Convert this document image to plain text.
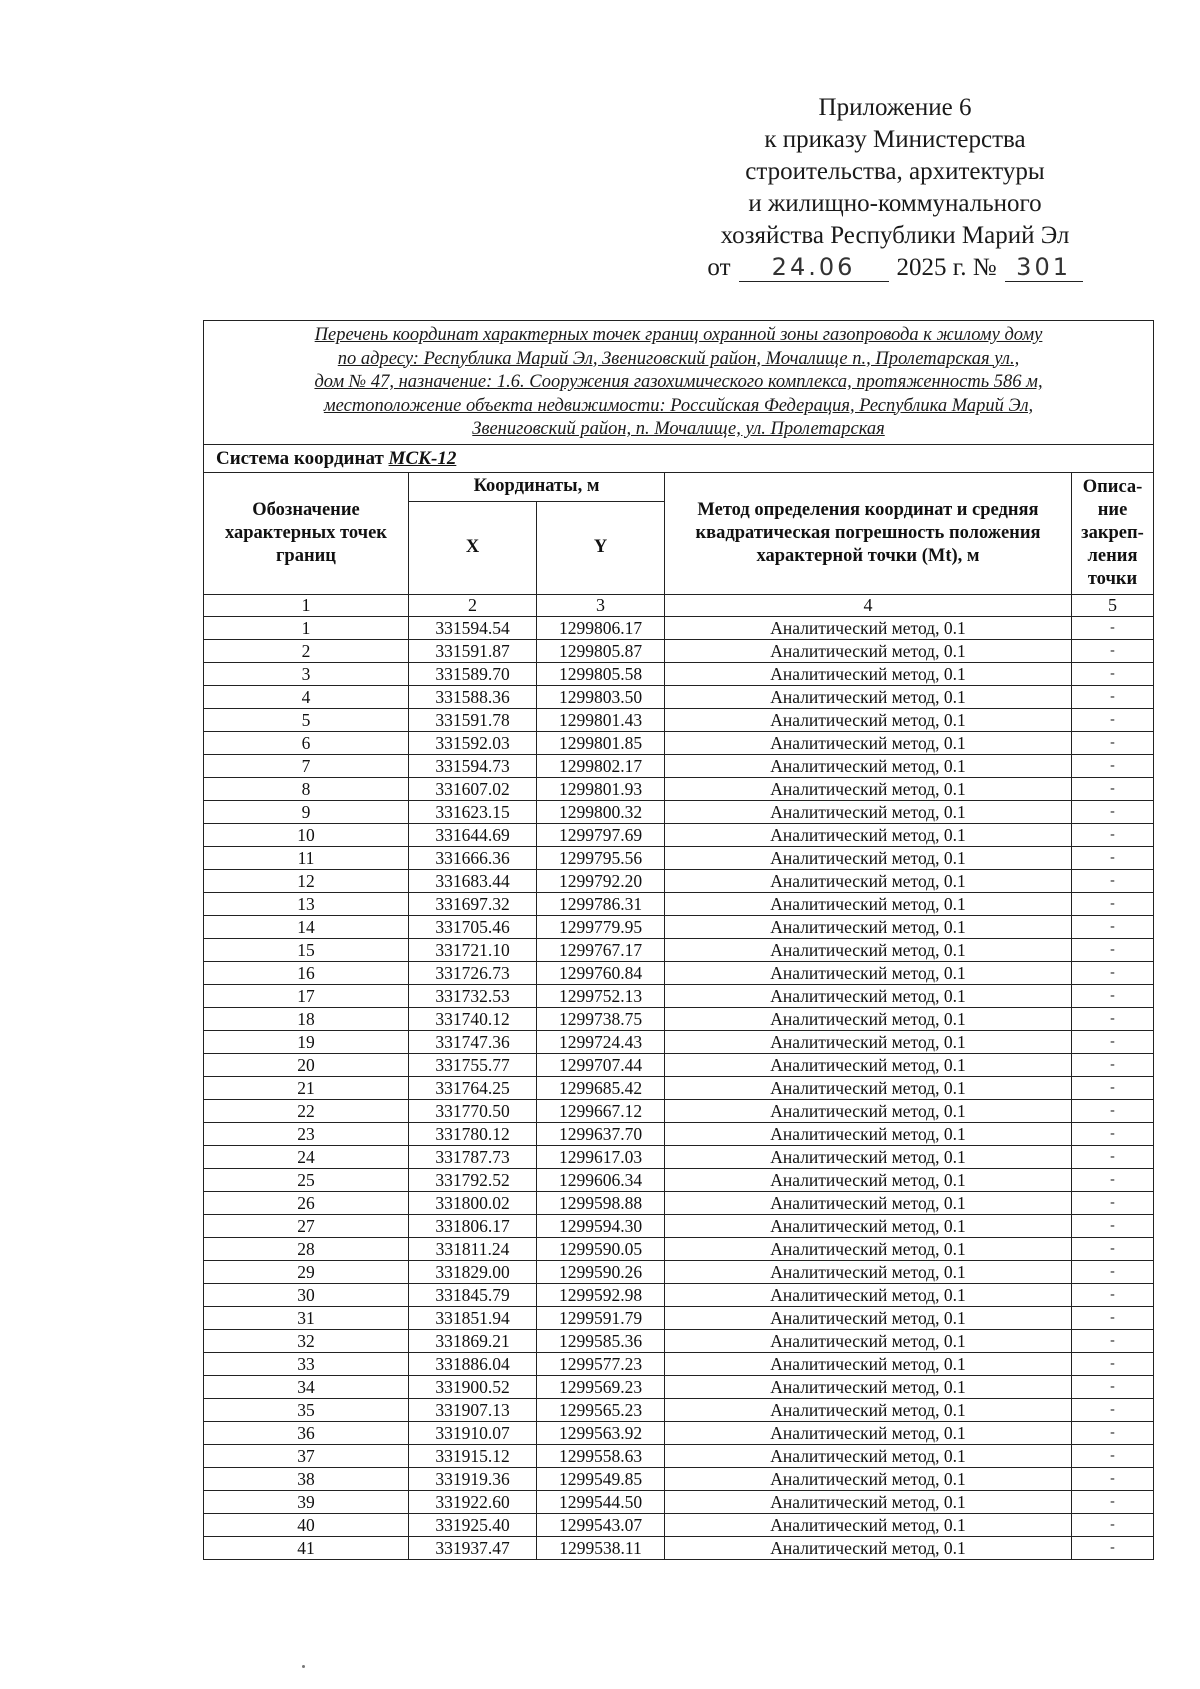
Приложение 6
к приказу Министерства
строительства, архитектуры
и жилищно-коммунального
хозяйства Республики Марий Эл
от	24.06	2025 г. № 301
Перечень координат характерных точек границ охранной зоны газопровода к жилому дому
по адресу: Республика Марий Эл, Звениговский район, Мочалище п., Пролетарская ул.,
дом № 47, назначение: 1.6. Сооружения газохимического комплекса, протяженность 586 м,
местоположение объекта недвижимости: Российская Федерация, Республика Марий Эл,
Звениговский район, п. Мочалище, ул. Пролетарская				

Система координат МСК-12				
Обозначение характерных точек границ	Координаты, м		Метод определения координат и средняя квадратическая погрешность положения характерной точки (Mt), м	Описа-ние закреп-ления точки
	X	Y		
1	2	3	4	5
1	331594.54	1299806.17	Аналитический метод, 0.1	-
2	331591.87	1299805.87	Аналитический метод, 0.1	-
3	331589.70	1299805.58	Аналитический метод, 0.1	-
4	331588.36	1299803.50	Аналитический метод, 0.1	-
5	331591.78	1299801.43	Аналитический метод, 0.1	-
6	331592.03	1299801.85	Аналитический метод, 0.1	-
7	331594.73	1299802.17	Аналитический метод, 0.1	-
8	331607.02	1299801.93	Аналитический метод, 0.1	-
9	331623.15	1299800.32	Аналитический метод, 0.1	-
10	331644.69	1299797.69	Аналитический метод, 0.1	-
11	331666.36	1299795.56	Аналитический метод, 0.1	-
12	331683.44	1299792.20	Аналитический метод, 0.1	-
13	331697.32	1299786.31	Аналитический метод, 0.1	-
14	331705.46	1299779.95	Аналитический метод, 0.1	-
15	331721.10	1299767.17	Аналитический метод, 0.1	-
16	331726.73	1299760.84	Аналитический метод, 0.1	-
17	331732.53	1299752.13	Аналитический метод, 0.1	-
18	331740.12	1299738.75	Аналитический метод, 0.1	-
19	331747.36	1299724.43	Аналитический метод, 0.1	-
20	331755.77	1299707.44	Аналитический метод, 0.1	-
21	331764.25	1299685.42	Аналитический метод, 0.1	-
22	331770.50	1299667.12	Аналитический метод, 0.1	-
23	331780.12	1299637.70	Аналитический метод, 0.1	-
24	331787.73	1299617.03	Аналитический метод, 0.1	-
25	331792.52	1299606.34	Аналитический метод, 0.1	-
26	331800.02	1299598.88	Аналитический метод, 0.1	-
27	331806.17	1299594.30	Аналитический метод, 0.1	-
28	331811.24	1299590.05	Аналитический метод, 0.1	-
29	331829.00	1299590.26	Аналитический метод, 0.1	-
30	331845.79	1299592.98	Аналитический метод, 0.1	-
31	331851.94	1299591.79	Аналитический метод, 0.1	-
32	331869.21	1299585.36	Аналитический метод, 0.1	-
33	331886.04	1299577.23	Аналитический метод, 0.1	-
34	331900.52	1299569.23	Аналитический метод, 0.1	-
35	331907.13	1299565.23	Аналитический метод, 0.1	-
36	331910.07	1299563.92	Аналитический метод, 0.1	-
37	331915.12	1299558.63	Аналитический метод, 0.1	-
38	331919.36	1299549.85	Аналитический метод, 0.1	-
39	331922.60	1299544.50	Аналитический метод, 0.1	-
40	331925.40	1299543.07	Аналитический метод, 0.1	-
41	331937.47	1299538.11	Аналитический метод, 0.1	-
